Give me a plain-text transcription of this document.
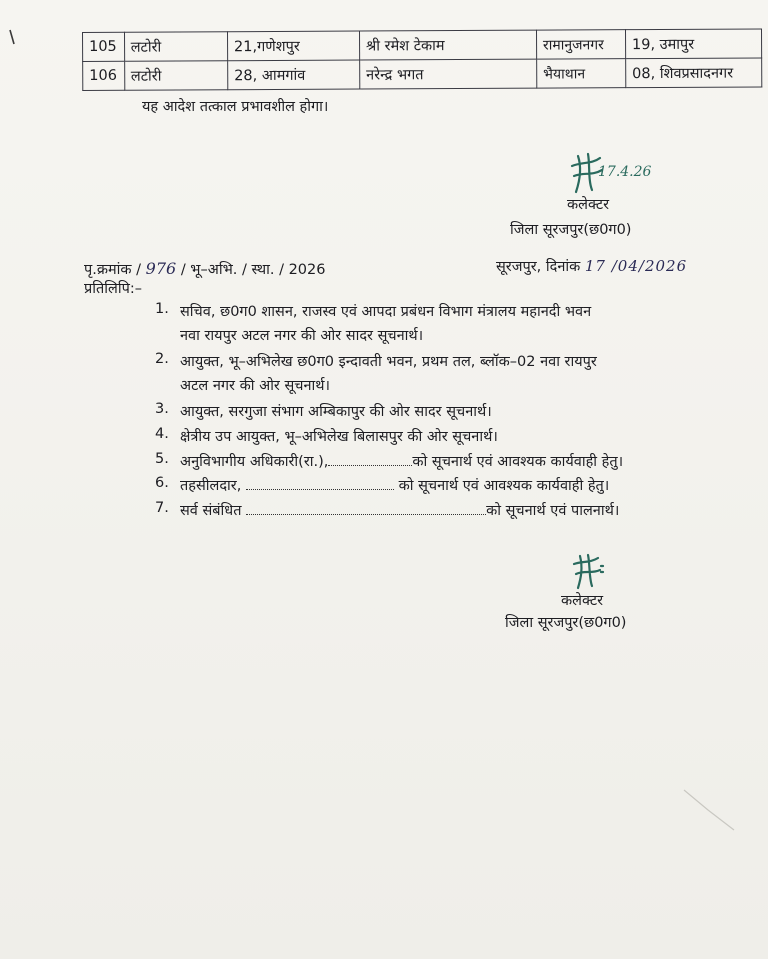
105	लटोरी	21,गणेशपुर	श्री रमेश टेकाम	रामानुजनगर	19, उमापुर
106	लटोरी	28, आमगांव	नरेन्द्र भगत	भैयाथान	08, शिवप्रसादनगर
यह आदेश तत्काल प्रभावशील होगा।
17.4.26
कलेक्टर
जिला सूरजपुर(छ0ग0)
पृ.क्रमांक / 976 / भू–अभि. / स्था. / 2026	सूरजपुर, दिनांक 17 /04/2026
प्रतिलिपि:–
1. सचिव, छ0ग0 शासन, राजस्व एवं आपदा प्रबंधन विभाग मंत्रालय महानदी भवन
नवा रायपुर अटल नगर की ओर सादर सूचनार्थ।
2. आयुक्त, भू–अभिलेख छ0ग0 इन्दावती भवन, प्रथम तल, ब्लॉक–02 नवा रायपुर
अटल नगर की ओर सूचनार्थ।
3. आयुक्त, सरगुजा संभाग अम्बिकापुर की ओर सादर सूचनार्थ।
4. क्षेत्रीय उप आयुक्त, भू–अभिलेख बिलासपुर की ओर सूचनार्थ।
5. अनुविभागीय अधिकारी(रा.),	को सूचनार्थ एवं आवश्यक कार्यवाही हेतु।
6. तहसीलदार,	को सूचनार्थ एवं आवश्यक कार्यवाही हेतु।
7. सर्व संबंधित	को सूचनार्थ एवं पालनार्थ।
कलेक्टर
जिला सूरजपुर(छ0ग0)
